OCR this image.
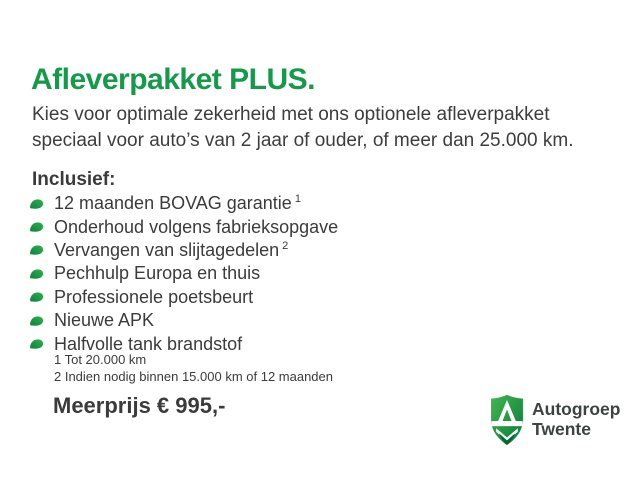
Afleverpakket PLUS.
Kies voor optimale zekerheid met ons optionele afleverpakket
speciaal voor auto’s van 2 jaar of ouder, of meer dan 25.000 km.
Inclusief:
12 maanden BOVAG garantie $^1$
Onderhoud volgens fabrieksopgave
Vervangen van slijtagedelen $^2$
Pechhulp Europa en thuis
Professionele poetsbeurt
Nieuwe APK
Halfvolle tank brandstof
1 Tot 20.000 km
2 Indien nodig binnen 15.000 km of 12 maanden
Meerprijs € 995,-	Autogroep
Twente
